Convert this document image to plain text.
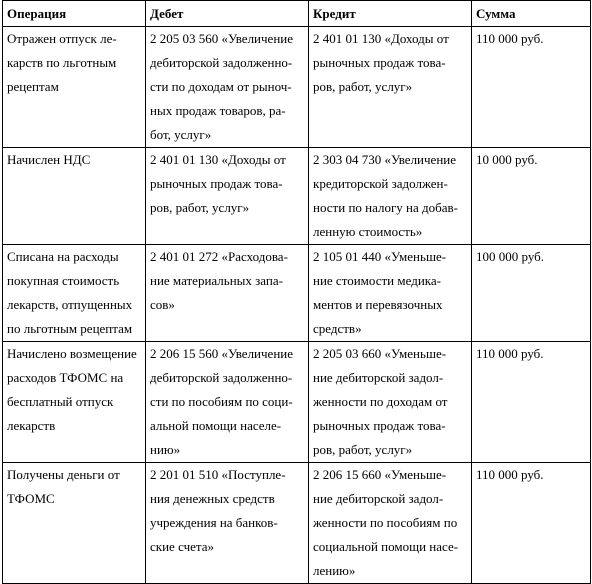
Операция	Дебет	Кредит	Сумма

Отражен отпуск ле-
карств по льготным
рецептам	2 205 03 560 «Увеличение
дебиторской задолженно-
сти по доходам от рыноч-
ных продаж товаров, ра-
бот, услуг»	2 401 01 130 «Доходы от
рыночных продаж това-
ров, работ, услуг»	110 000 руб.

Начислен НДС	2 401 01 130 «Доходы от
рыночных продаж това-
ров, работ, услуг»	2 303 04 730 «Увеличение
кредиторской задолжен-
ности по налогу на добав-
ленную стоимость»	10 000 руб.

Списана на расходы
покупная стоимость
лекарств, отпущенных
по льготным рецептам	2 401 01 272 «Расходова-
ние материальных запа-
сов»	2 105 01 440 «Уменьше-
ние стоимости медика-
ментов и перевязочных
средств»	100 000 руб.

Начислено возмещение
расходов ТФОМС на
бесплатный отпуск
лекарств	2 206 15 560 «Увеличение
дебиторской задолженно-
сти по пособиям по соци-
альной помощи населе-
нию»	2 205 03 660 «Уменьше-
ние дебиторской задол-
женности по доходам от
рыночных продаж това-
ров, работ, услуг»	110 000 руб.

Получены деньги от
ТФОМС	2 201 01 510 «Поступле-
ния денежных средств
учреждения на банков-
ские счета»	2 206 15 660 «Уменьше-
ние дебиторской задол-
женности по пособиям по
социальной помощи насе-
лению»	110 000 руб.
